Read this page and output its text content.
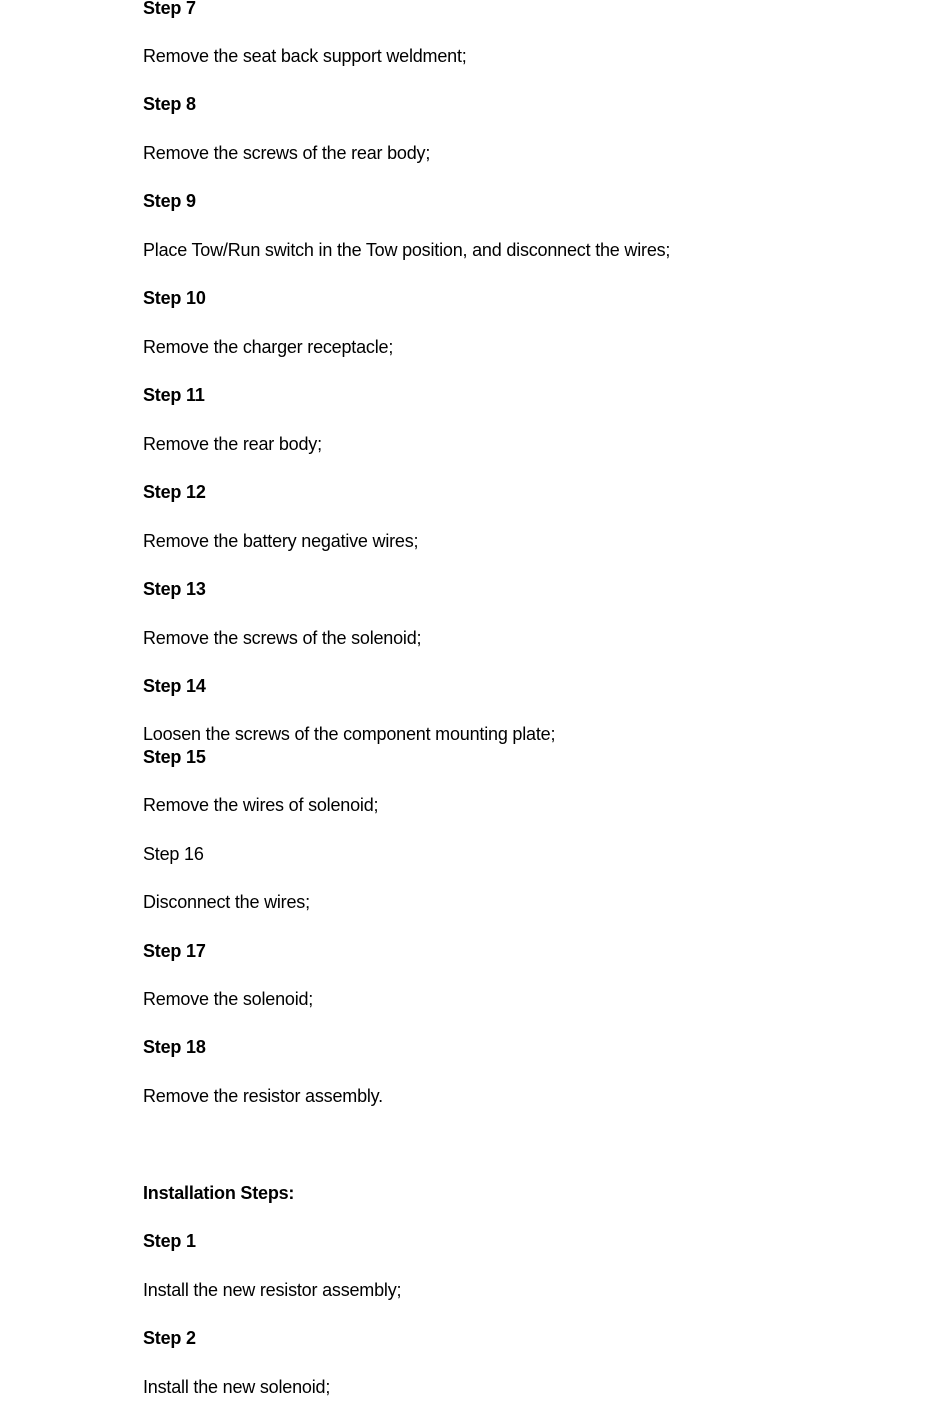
Step 7
Remove the seat back support weldment;
Step 8
Remove the screws of the rear body;
Step 9
Place Tow/Run switch in the Tow position, and disconnect the wires;
Step 10
Remove the charger receptacle;
Step 11
Remove the rear body;
Step 12
Remove the battery negative wires;
Step 13
Remove the screws of the solenoid;
Step 14
Loosen the screws of the component mounting plate;
Step 15
Remove the wires of solenoid;
Step 16
Disconnect the wires;
Step 17
Remove the solenoid;
Step 18
Remove the resistor assembly.
Installation Steps:
Step 1
Install the new resistor assembly;
Step 2
Install the new solenoid;
